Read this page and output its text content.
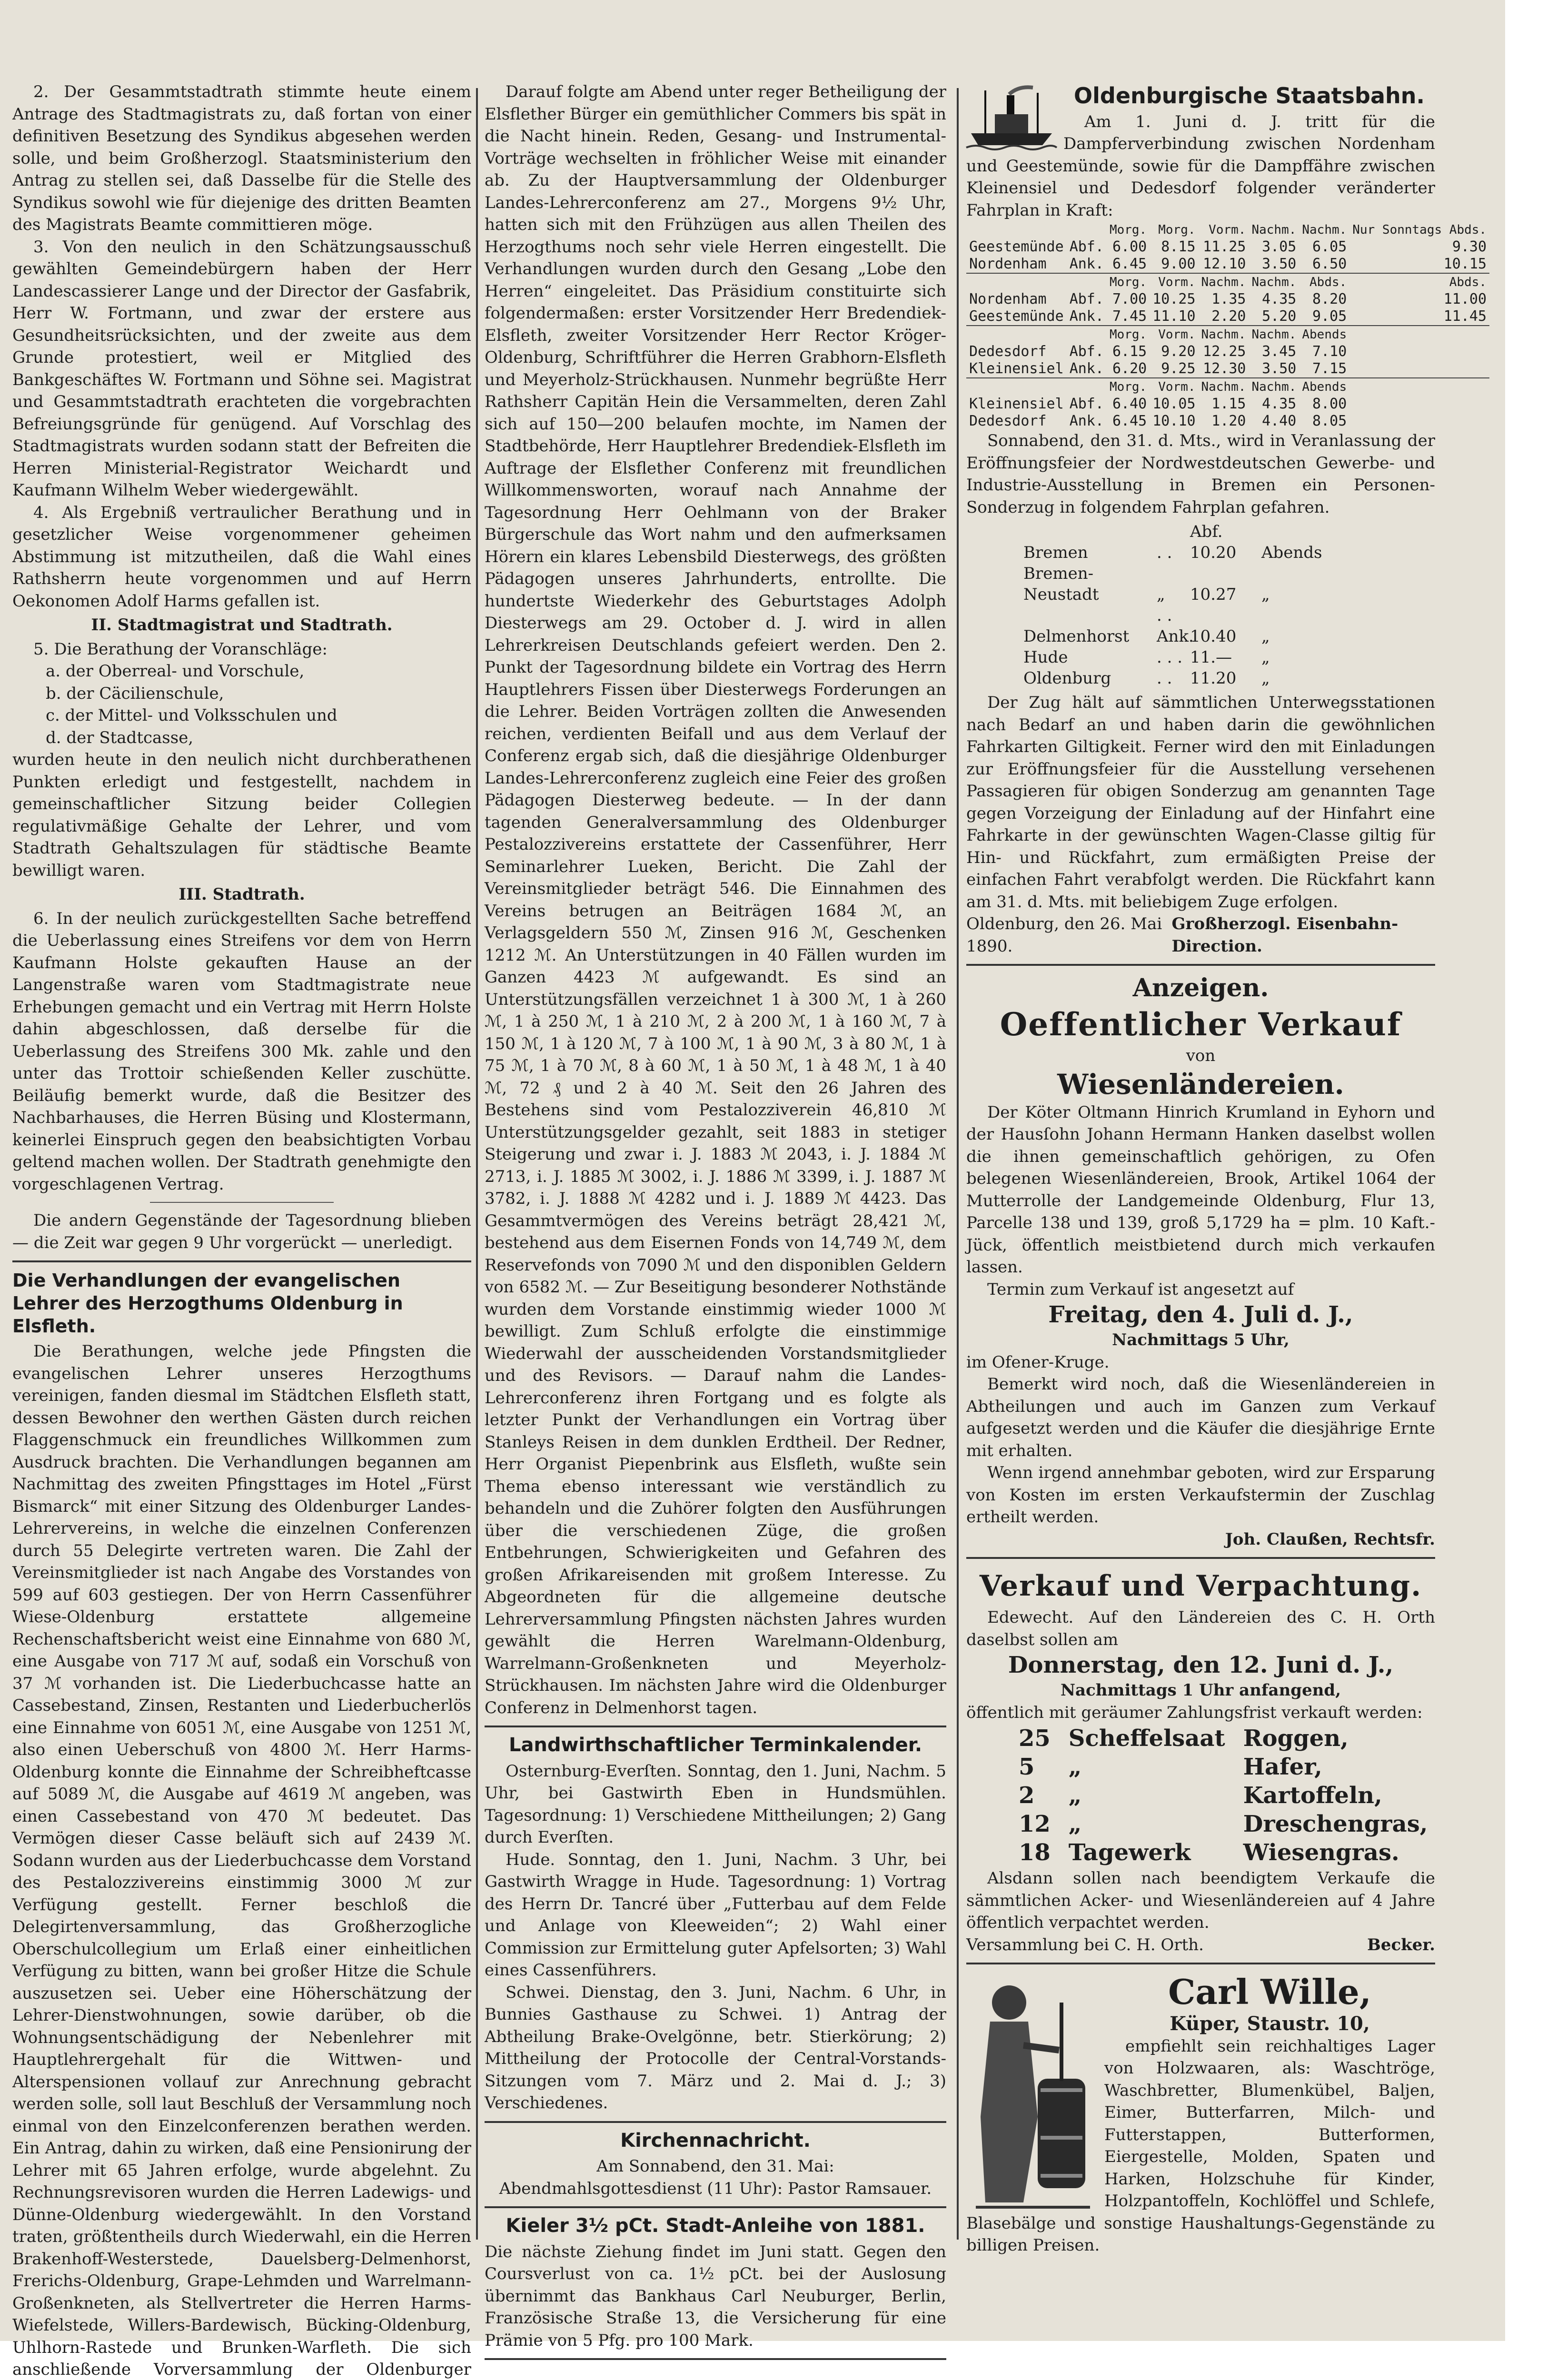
2. Der Gesammtstadtrath stimmte heute einem Antrage des Stadtmagistrats zu, daß fortan von einer definitiven Besetzung des Syndikus abgesehen werden solle, und beim Großherzogl. Staatsministerium den Antrag zu stellen sei, daß Dasselbe für die Stelle des Syndikus sowohl wie für diejenige des dritten Beamten des Magistrats Beamte committieren möge.

3. Von den neulich in den Schätzungsausschuß gewählten Gemeindebürgern haben der Herr Landescassierer Lange und der Director der Gasfabrik, Herr W. Fortmann, und zwar der erstere aus Gesundheitsrücksichten, und der zweite aus dem Grunde protestiert, weil er Mitglied des Bankgeschäftes W. Fortmann und Söhne sei. Magistrat und Gesammtstadtrath erachteten die vorgebrachten Befreiungsgründe für genügend. Auf Vorschlag des Stadtmagistrats wurden sodann statt der Befreiten die Herren Ministerial-Registrator Weichardt und Kaufmann Wilhelm Weber wiedergewählt.

4. Als Ergebniß vertraulicher Berathung und in gesetzlicher Weise vorgenommener geheimen Abstimmung ist mitzutheilen, daß die Wahl eines Rathsherrn heute vorgenommen und auf Herrn Oekonomen Adolf Harms gefallen ist.

II. Stadtmagistrat und Stadtrath.

5. Die Berathung der Voranschläge:

a. der Oberreal- und Vorschule,
b. der Cäcilienschule,
c. der Mittel- und Volksschulen und
d. der Stadtcasse,

wurden heute in den neulich nicht durchberathenen Punkten erledigt und festgestellt, nachdem in gemeinschaftlicher Sitzung beider Collegien regulativmäßige Gehalte der Lehrer, und vom Stadtrath Gehaltszulagen für städtische Beamte bewilligt waren.

III. Stadtrath.

6. In der neulich zurückgestellten Sache betreffend die Ueberlassung eines Streifens vor dem von Herrn Kaufmann Holste gekauften Hause an der Langenstraße waren vom Stadtmagistrate neue Erhebungen gemacht und ein Vertrag mit Herrn Holste dahin abgeschlossen, daß derselbe für die Ueberlassung des Streifens 300 Mk. zahle und den unter das Trottoir schießenden Keller zuschütte. Beiläufig bemerkt wurde, daß die Besitzer des Nachbarhauses, die Herren Büsing und Klostermann, keinerlei Einspruch gegen den beabsichtigten Vorbau geltend machen wollen. Der Stadtrath genehmigte den vorgeschlagenen Vertrag.

Die andern Gegenstände der Tagesordnung blieben — die Zeit war gegen 9 Uhr vorgerückt — unerledigt.

Die Verhandlungen der evangelischen Lehrer des Herzogthums Oldenburg in Elsfleth.

Die Berathungen, welche jede Pfingsten die evangelischen Lehrer unseres Herzogthums vereinigen, fanden diesmal im Städtchen Elsfleth statt, dessen Bewohner den werthen Gästen durch reichen Flaggenschmuck ein freundliches Willkommen zum Ausdruck brachten. Die Verhandlungen begannen am Nachmittag des zweiten Pfingsttages im Hotel „Fürst Bismarck“ mit einer Sitzung des Oldenburger Landes-Lehrervereins, in welche die einzelnen Conferenzen durch 55 Delegirte vertreten waren. Die Zahl der Vereinsmitglieder ist nach Angabe des Vorstandes von 599 auf 603 gestiegen. Der von Herrn Cassenführer Wiese-Oldenburg erstattete allgemeine Rechenschaftsbericht weist eine Einnahme von 680 ℳ, eine Ausgabe von 717 ℳ auf, sodaß ein Vorschuß von 37 ℳ vorhanden ist. Die Liederbuchcasse hatte an Cassebestand, Zinsen, Restanten und Liederbucherlös eine Einnahme von 6051 ℳ, eine Ausgabe von 1251 ℳ, also einen Ueberschuß von 4800 ℳ. Herr Harms-Oldenburg konnte die Einnahme der Schreibheftcasse auf 5089 ℳ, die Ausgabe auf 4619 ℳ angeben, was einen Cassebestand von 470 ℳ bedeutet. Das Vermögen dieser Casse beläuft sich auf 2439 ℳ. Sodann wurden aus der Liederbuchcasse dem Vorstand des Pestalozzivereins einstimmig 3000 ℳ zur Verfügung gestellt. Ferner beschloß die Delegirtenversammlung, das Großherzogliche Oberschulcollegium um Erlaß einer einheitlichen Verfügung zu bitten, wann bei großer Hitze die Schule auszusetzen sei. Ueber eine Höherschätzung der Lehrer-Dienstwohnungen, sowie darüber, ob die Wohnungsentschädigung der Nebenlehrer mit Hauptlehrergehalt für die Wittwen- und Alterspensionen vollauf zur Anrechnung gebracht werden solle, soll laut Beschluß der Versammlung noch einmal von den Einzelconferenzen berathen werden. Ein Antrag, dahin zu wirken, daß eine Pensionirung der Lehrer mit 65 Jahren erfolge, wurde abgelehnt. Zu Rechnungsrevisoren wurden die Herren Ladewigs- und Dünne-Oldenburg wiedergewählt. In den Vorstand traten, größtentheils durch Wiederwahl, ein die Herren Brakenhoff-Westerstede, Dauelsberg-Delmenhorst, Frerichs-Oldenburg, Grape-Lehmden und Warrelmann-Großenkneten, als Stellvertreter die Herren Harms-Wiefelstede, Willers-Bardewisch, Bücking-Oldenburg, Uhlhorn-Rastede und Brunken-Warfleth. Die sich anschließende Vorversammlung der Oldenburger

Darauf folgte am Abend unter reger Betheiligung der Elsflether Bürger ein gemüthlicher Commers bis spät in die Nacht hinein. Reden, Gesang- und Instrumental-Vorträge wechselten in fröhlicher Weise mit einander ab. Zu der Hauptversammlung der Oldenburger Landes-Lehrerconferenz am 27., Morgens 9½ Uhr, hatten sich mit den Frühzügen aus allen Theilen des Herzogthums noch sehr viele Herren eingestellt. Die Verhandlungen wurden durch den Gesang „Lobe den Herren“ eingeleitet. Das Präsidium constituirte sich folgendermaßen: erster Vorsitzender Herr Bredendiek-Elsfleth, zweiter Vorsitzender Herr Rector Kröger-Oldenburg, Schriftführer die Herren Grabhorn-Elsfleth und Meyerholz-Strückhausen. Nunmehr begrüßte Herr Rathsherr Capitän Hein die Versammelten, deren Zahl sich auf 150—200 belaufen mochte, im Namen der Stadtbehörde, Herr Hauptlehrer Bredendiek-Elsfleth im Auftrage der Elsflether Conferenz mit freundlichen Willkommensworten, worauf nach Annahme der Tagesordnung Herr Oehlmann von der Braker Bürgerschule das Wort nahm und den aufmerksamen Hörern ein klares Lebensbild Diesterwegs, des größten Pädagogen unseres Jahrhunderts, entrollte. Die hundertste Wiederkehr des Geburtstages Adolph Diesterwegs am 29. October d. J. wird in allen Lehrerkreisen Deutschlands gefeiert werden. Den 2. Punkt der Tagesordnung bildete ein Vortrag des Herrn Hauptlehrers Fissen über Diesterwegs Forderungen an die Lehrer. Beiden Vorträgen zollten die Anwesenden reichen, verdienten Beifall und aus dem Verlauf der Conferenz ergab sich, daß die diesjährige Oldenburger Landes-Lehrerconferenz zugleich eine Feier des großen Pädagogen Diesterweg bedeute. — In der dann tagenden Generalversammlung des Oldenburger Pestalozzivereins erstattete der Cassenführer, Herr Seminarlehrer Lueken, Bericht. Die Zahl der Vereinsmitglieder beträgt 546. Die Einnahmen des Vereins betrugen an Beiträgen 1684 ℳ, an Verlagsgeldern 550 ℳ, Zinsen 916 ℳ, Geschenken 1212 ℳ. An Unterstützungen in 40 Fällen wurden im Ganzen 4423 ℳ aufgewandt. Es sind an Unterstützungsfällen verzeichnet 1 à 300 ℳ, 1 à 260 ℳ, 1 à 250 ℳ, 1 à 210 ℳ, 2 à 200 ℳ, 1 à 160 ℳ, 7 à 150 ℳ, 1 à 120 ℳ, 7 à 100 ℳ, 1 à 90 ℳ, 3 à 80 ℳ, 1 à 75 ℳ, 1 à 70 ℳ, 8 à 60 ℳ, 1 à 50 ℳ, 1 à 48 ℳ, 1 à 40 ℳ, 72 ₰ und 2 à 40 ℳ. Seit den 26 Jahren des Bestehens sind vom Pestalozziverein 46,810 ℳ Unterstützungsgelder gezahlt, seit 1883 in stetiger Steigerung und zwar i. J. 1883 ℳ 2043, i. J. 1884 ℳ 2713, i. J. 1885 ℳ 3002, i. J. 1886 ℳ 3399, i. J. 1887 ℳ 3782, i. J. 1888 ℳ 4282 und i. J. 1889 ℳ 4423. Das Gesammtvermögen des Vereins beträgt 28,421 ℳ, bestehend aus dem Eisernen Fonds von 14,749 ℳ, dem Reservefonds von 7090 ℳ und den disponiblen Geldern von 6582 ℳ. — Zur Beseitigung besonderer Nothstände wurden dem Vorstande einstimmig wieder 1000 ℳ bewilligt. Zum Schluß erfolgte die einstimmige Wiederwahl der ausscheidenden Vorstandsmitglieder und des Revisors. — Darauf nahm die Landes-Lehrerconferenz ihren Fortgang und es folgte als letzter Punkt der Verhandlungen ein Vortrag über Stanleys Reisen in dem dunklen Erdtheil. Der Redner, Herr Organist Piepenbrink aus Elsfleth, wußte sein Thema ebenso interessant wie verständlich zu behandeln und die Zuhörer folgten den Ausführungen über die verschiedenen Züge, die großen Entbehrungen, Schwierigkeiten und Gefahren des großen Afrikareisenden mit großem Interesse. Zu Abgeordneten für die allgemeine deutsche Lehrerversammlung Pfingsten nächsten Jahres wurden gewählt die Herren Warelmann-Oldenburg, Warrelmann-Großenkneten und Meyerholz-Strückhausen. Im nächsten Jahre wird die Oldenburger Conferenz in Delmenhorst tagen.

Landwirthschaftlicher Terminkalender.

Osternburg-Everſten. Sonntag, den 1. Juni, Nachm. 5 Uhr, bei Gastwirth Eben in Hundsmühlen. Tagesordnung: 1) Verschiedene Mittheilungen; 2) Gang durch Everſten.

Hude. Sonntag, den 1. Juni, Nachm. 3 Uhr, bei Gastwirth Wragge in Hude. Tagesordnung: 1) Vortrag des Herrn Dr. Tancré über „Futterbau auf dem Felde und Anlage von Kleeweiden“; 2) Wahl einer Commission zur Ermittelung guter Apfelsorten; 3) Wahl eines Cassenführers.

Schwei. Dienstag, den 3. Juni, Nachm. 6 Uhr, in Bunnies Gasthause zu Schwei. 1) Antrag der Abtheilung Brake-Ovelgönne, betr. Stierkörung; 2) Mittheilung der Protocolle der Central-Vorstands-Sitzungen vom 7. März und 2. Mai d. J.; 3) Verschiedenes.

Kirchennachricht.
Am Sonnabend, den 31. Mai:
Abendmahlsgottesdienst (11 Uhr): Pastor Ramsauer.
Kieler 3½ pCt. Stadt-Anleihe von 1881.

Die nächste Ziehung findet im Juni statt. Gegen den Coursverlust von ca. 1½ pCt. bei der Auslosung übernimmt das Bankhaus Carl Neuburger, Berlin, Französische Straße 13, die Versicherung für eine Prämie von 5 Pfg. pro 100 Mark.

Oldenburgische Staatsbahn.

Am 1. Juni d. J. tritt für die Dampferverbindung zwischen Nordenham und Geestemünde, sowie für die Dampffähre zwischen Kleinensiel und Dedesdorf folgender veränderter Fahrplan in Kraft:

		Morg.	Morg.	Vorm.	Nachm.	Nachm.	Nur Sonntags Abds.
Geestemünde	Abf.	6.00	8.15	11.25	3.05	6.05	9.30
Nordenham	Ank.	6.45	9.00	12.10	3.50	6.50	10.15
		Morg.	Vorm.	Nachm.	Nachm.	Abds.	Abds.
Nordenham	Abf.	7.00	10.25	1.35	4.35	8.20	11.00
Geestemünde	Ank.	7.45	11.10	2.20	5.20	9.05	11.45
		Morg.	Vorm.	Nachm.	Nachm.	Abends	
Dedesdorf	Abf.	6.15	9.20	12.25	3.45	7.10	
Kleinensiel	Ank.	6.20	9.25	12.30	3.50	7.15	
		Morg.	Vorm.	Nachm.	Nachm.	Abends	
Kleinensiel	Abf.	6.40	10.05	1.15	4.35	8.00	
Dedesdorf	Ank.	6.45	10.10	1.20	4.40	8.05	

Sonnabend, den 31. d. Mts., wird in Veranlassung der Eröffnungsfeier der Nordwestdeutschen Gewerbe- und Industrie-Ausstellung in Bremen ein Personen-Sonderzug in folgendem Fahrplan gefahren.

Bremen	. .Abf. 10.20 Abends
Bremen-Neustadt	„ 10.27 „
Delmenhorst. . Ank.10.40 „
Hude	. . . 11.— „
Oldenburg	. . 11.20 „

Der Zug hält auf sämmtlichen Unterwegsstationen nach Bedarf an und haben darin die gewöhnlichen Fahrkarten Giltigkeit. Ferner wird den mit Einladungen zur Eröffnungsfeier für die Ausstellung versehenen Passagieren für obigen Sonderzug am genannten Tage gegen Vorzeigung der Einladung auf der Hinfahrt eine Fahrkarte in der gewünschten Wagen-Classe giltig für Hin- und Rückfahrt, zum ermäßigten Preise der einfachen Fahrt verabfolgt werden. Die Rückfahrt kann am 31. d. Mts. mit beliebigem Zuge erfolgen.

Oldenburg, den 26. Mai 1890.
Großherzogl. Eisenbahn-Direction.
Anzeigen.
Oeffentlicher Verkauf
von
Wiesenländereien.

Der Köter Oltmann Hinrich Krumland in Eyhorn und der Hausſohn Johann Hermann Hanken daselbst wollen die ihnen gemeinschaftlich gehörigen, zu Ofen belegenen Wiesenländereien, Brook, Artikel 1064 der Mutterrolle der Landgemeinde Oldenburg, Flur 13, Parcelle 138 und 139, groß 5,1729 ha = plm. 10 Kaft.-Jück, öffentlich meistbietend durch mich verkaufen lassen.

Termin zum Verkauf ist angesetzt auf

Freitag, den 4. Juli d. J.,
Nachmittags 5 Uhr,

im Ofener-Kruge.

Bemerkt wird noch, daß die Wiesenländereien in Abtheilungen und auch im Ganzen zum Verkauf aufgesetzt werden und die Käufer die diesjährige Ernte mit erhalten.

Wenn irgend annehmbar geboten, wird zur Ersparung von Kosten im ersten Verkaufstermin der Zuschlag ertheilt werden.

Joh. Claußen, Rechtsfr.
Verkauf und Verpachtung.

Edewecht. Auf den Ländereien des C. H. Orth daselbst sollen am

Donnerstag, den 12. Juni d. J.,
Nachmittags 1 Uhr anfangend,

öffentlich mit geräumer Zahlungsfrist verkauft werden:

25	Scheffelsaat	Roggen,
5	„	Hafer,
2	„	Kartoffeln,
12	„	Dreschengras,
18	Tagewerk	Wiesengras.

Alsdann sollen nach beendigtem Verkaufe die sämmtlichen Acker- und Wiesenländereien auf 4 Jahre öffentlich verpachtet werden.

Versammlung bei C. H. Orth.	Becker.
Carl Wille,
Küper, Staustr. 10,

empfiehlt sein reichhaltiges Lager von Holzwaaren, als: Waschtröge, Waschbretter, Blumenkübel, Baljen, Eimer, Butterfarren, Milch- und Futterstappen, Butterformen, Eiergestelle, Molden, Spaten und Harken, Holzschuhe für Kinder, Holzpantoffeln, Kochlöffel und Schlefe, Blasebälge und sonstige Haushaltungs-Gegenstände zu billigen Preisen.
